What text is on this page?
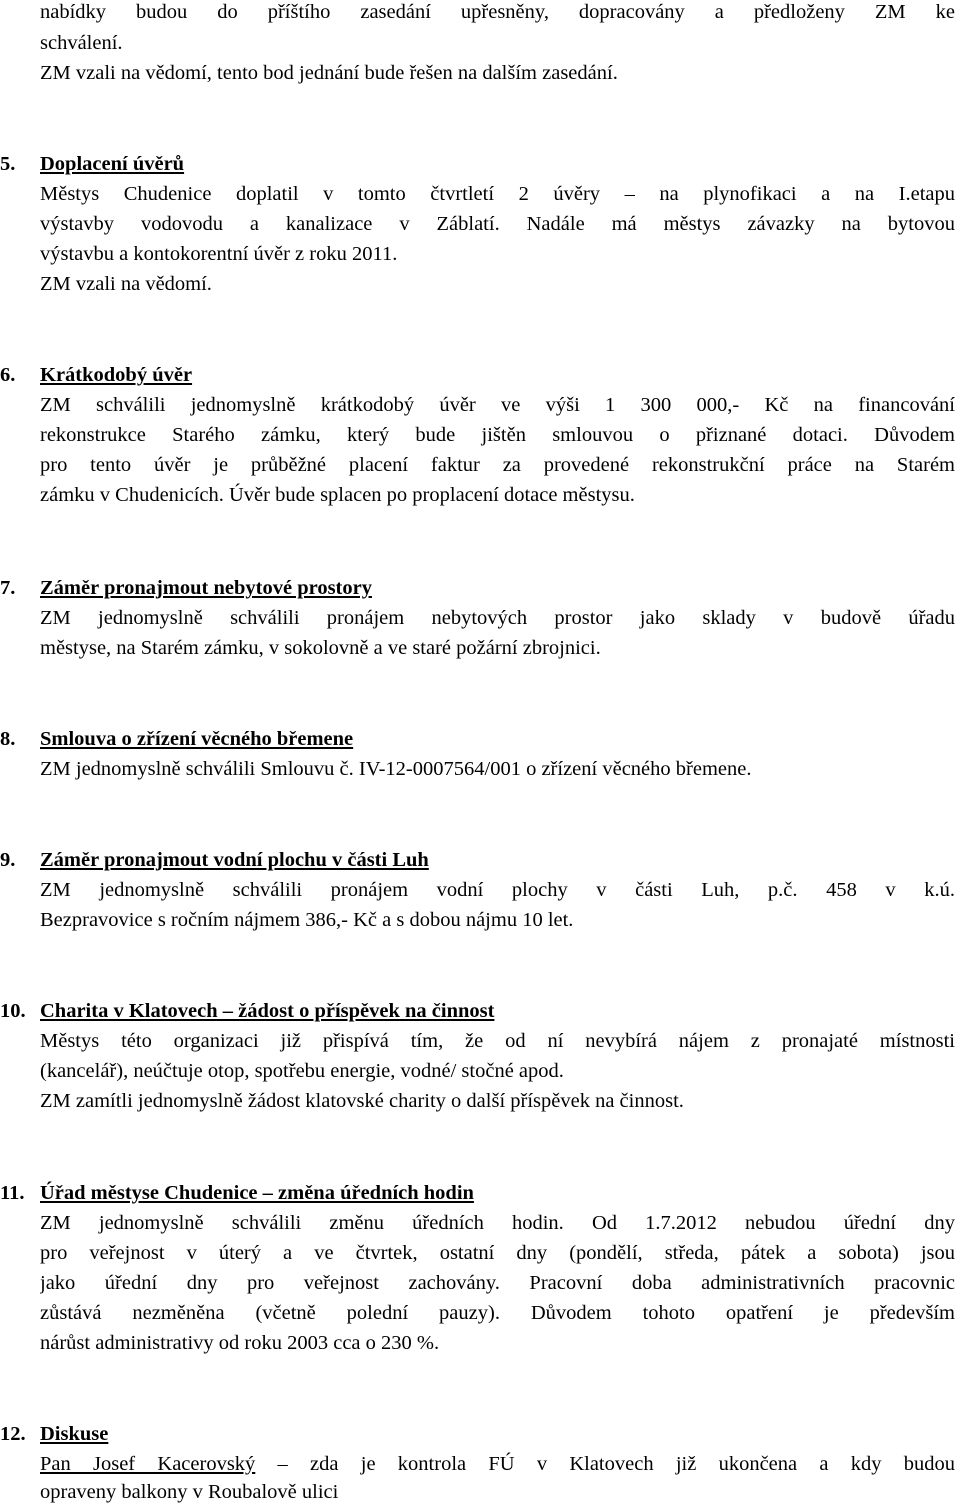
nabídky budou do příštího zasedání upřesněny, dopracovány a předloženy ZM ke
schválení.
ZM vzali na vědomí, tento bod jednání bude řešen na dalším zasedání.
5. Doplacení úvěrů
Městys Chudenice doplatil v tomto čtvrtletí 2 úvěry – na plynofikaci a na I.etapu
výstavby vodovodu a kanalizace v Záblatí. Nadále má městys závazky na bytovou
výstavbu a kontokorentní úvěr z roku 2011.
ZM vzali na vědomí.
6. Krátkodobý úvěr
ZM schválili jednomyslně krátkodobý úvěr ve výši 1 300 000,- Kč na financování
rekonstrukce Starého zámku, který bude jištěn smlouvou o přiznané dotaci. Důvodem
pro tento úvěr je průběžné placení faktur za provedené rekonstrukční práce na Starém
zámku v Chudenicích. Úvěr bude splacen po proplacení dotace městysu.
7. Záměr pronajmout nebytové prostory
ZM jednomyslně schválili pronájem nebytových prostor jako sklady v budově úřadu
městyse, na Starém zámku, v sokolovně a ve staré požární zbrojnici.
8. Smlouva o zřízení věcného břemene
ZM jednomyslně schválili Smlouvu č. IV-12-0007564/001 o zřízení věcného břemene.
9. Záměr pronajmout vodní plochu v části Luh
ZM jednomyslně schválili pronájem vodní plochy v části Luh, p.č. 458 v k.ú.
Bezpravovice s ročním nájmem 386,- Kč a s dobou nájmu 10 let.
10. Charita v Klatovech – žádost o příspěvek na činnost
Městys této organizaci již přispívá tím, že od ní nevybírá nájem z pronajaté místnosti
(kancelář), neúčtuje otop, spotřebu energie, vodné/ stočné apod.
ZM zamítli jednomyslně žádost klatovské charity o další příspěvek na činnost.
11. Úřad městyse Chudenice – změna úředních hodin
ZM jednomyslně schválili změnu úředních hodin. Od 1.7.2012 nebudou úřední dny
pro veřejnost v úterý a ve čtvrtek, ostatní dny (pondělí, středa, pátek a sobota) jsou
jako úřední dny pro veřejnost zachovány. Pracovní doba administrativních pracovnic
zůstává nezměněna (včetně polední pauzy). Důvodem tohoto opatření je především
nárůst administrativy od roku 2003 cca o 230 %.
12. Diskuse
Pan Josef Kacerovský – zda je kontrola FÚ v Klatovech již ukončena a kdy budou
opraveny balkony v Roubalově ulici
